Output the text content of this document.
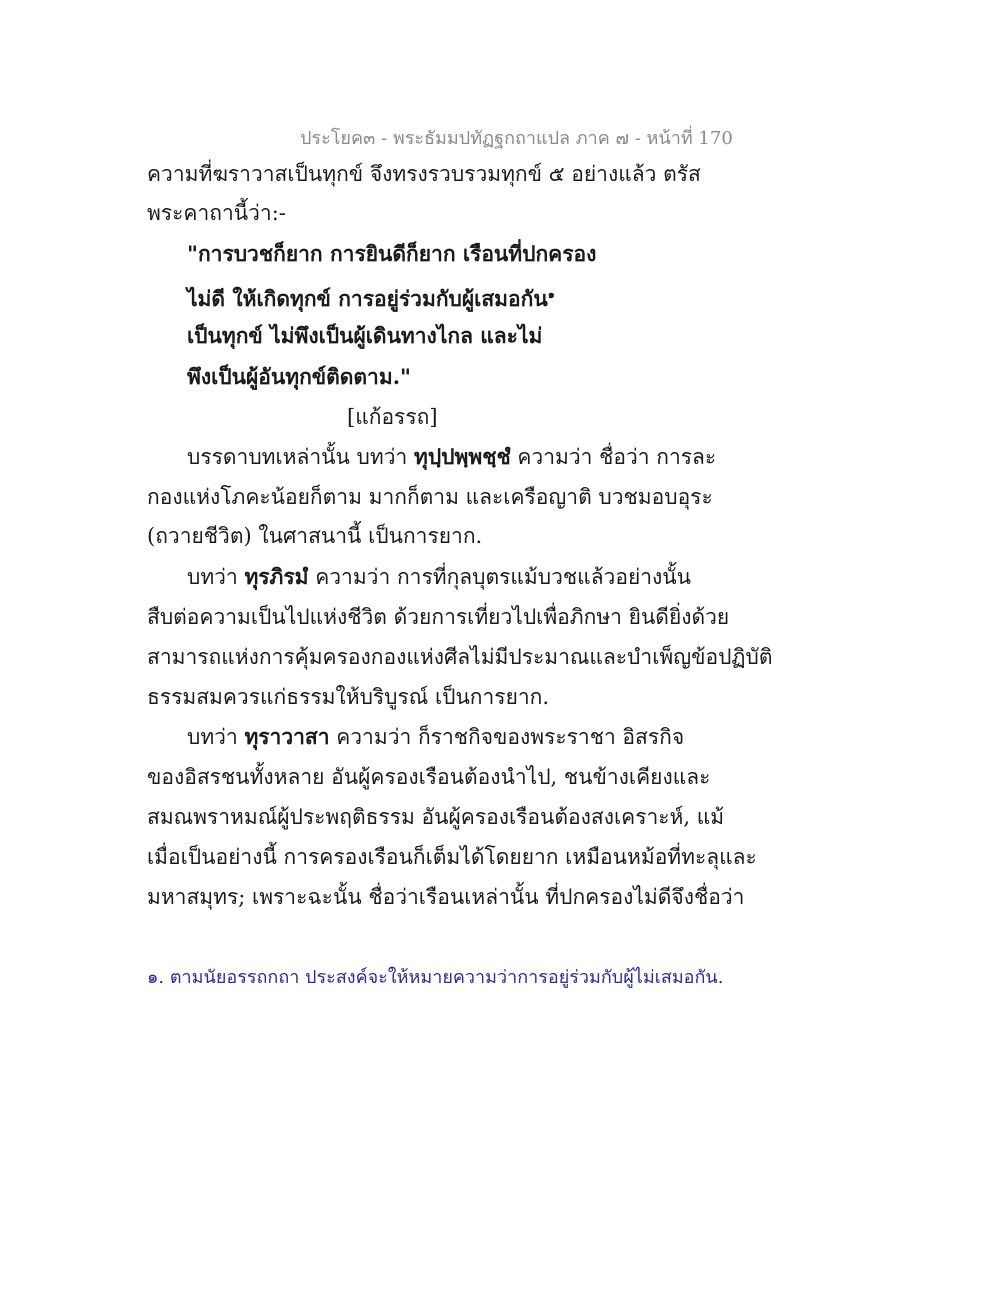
ประโยค๓ - พระธัมมปทัฏฐกถาแปล ภาค ๗ - หน้าที่ 170
ความที่ฆราวาสเป็นทุกข์ จึงทรงรวบรวมทุกข์ ๕ อย่างแล้ว ตรัส
พระคาถานี้ว่า:-
"การบวชก็ยาก การยินดีก็ยาก เรือนที่ปกครอง
ไม่ดี ให้เกิดทุกข์ การอยู่ร่วมกับผู้เสมอกัน$^๑$
เป็นทุกข์ ไม่พึงเป็นผู้เดินทางไกล และไม่
พึงเป็นผู้อันทุกข์ติดตาม."
[แก้อรรถ]
บรรดาบทเหล่านั้น บทว่า ทุปฺปพฺพชฺชํ ความว่า ชื่อว่า การละ
กองแห่งโภคะน้อยก็ตาม มากก็ตาม และเครือญาติ บวชมอบอุระ
(ถวายชีวิต) ในศาสนานี้ เป็นการยาก.
บทว่า ทุรภิรมํ ความว่า การที่กุลบุตรแม้บวชแล้วอย่างนั้น
สืบต่อความเป็นไปแห่งชีวิต ด้วยการเที่ยวไปเพื่อภิกษา ยินดียิ่งด้วย
สามารถแห่งการคุ้มครองกองแห่งศีลไม่มีประมาณและบำเพ็ญข้อปฏิบัติ
ธรรมสมควรแก่ธรรมให้บริบูรณ์ เป็นการยาก.
บทว่า ทุราวาสา ความว่า ก็ราชกิจของพระราชา อิสรกิจ
ของอิสรชนทั้งหลาย อันผู้ครองเรือนต้องนำไป, ชนข้างเคียงและ
สมณพราหมณ์ผู้ประพฤติธรรม อันผู้ครองเรือนต้องสงเคราะห์, แม้
เมื่อเป็นอย่างนี้ การครองเรือนก็เต็มได้โดยยาก เหมือนหม้อที่ทะลุและ
มหาสมุทร; เพราะฉะนั้น ชื่อว่าเรือนเหล่านั้น ที่ปกครองไม่ดีจึงชื่อว่า
๑. ตามนัยอรรถกถา ประสงค์จะให้หมายความว่าการอยู่ร่วมกับผู้ไม่เสมอกัน.
